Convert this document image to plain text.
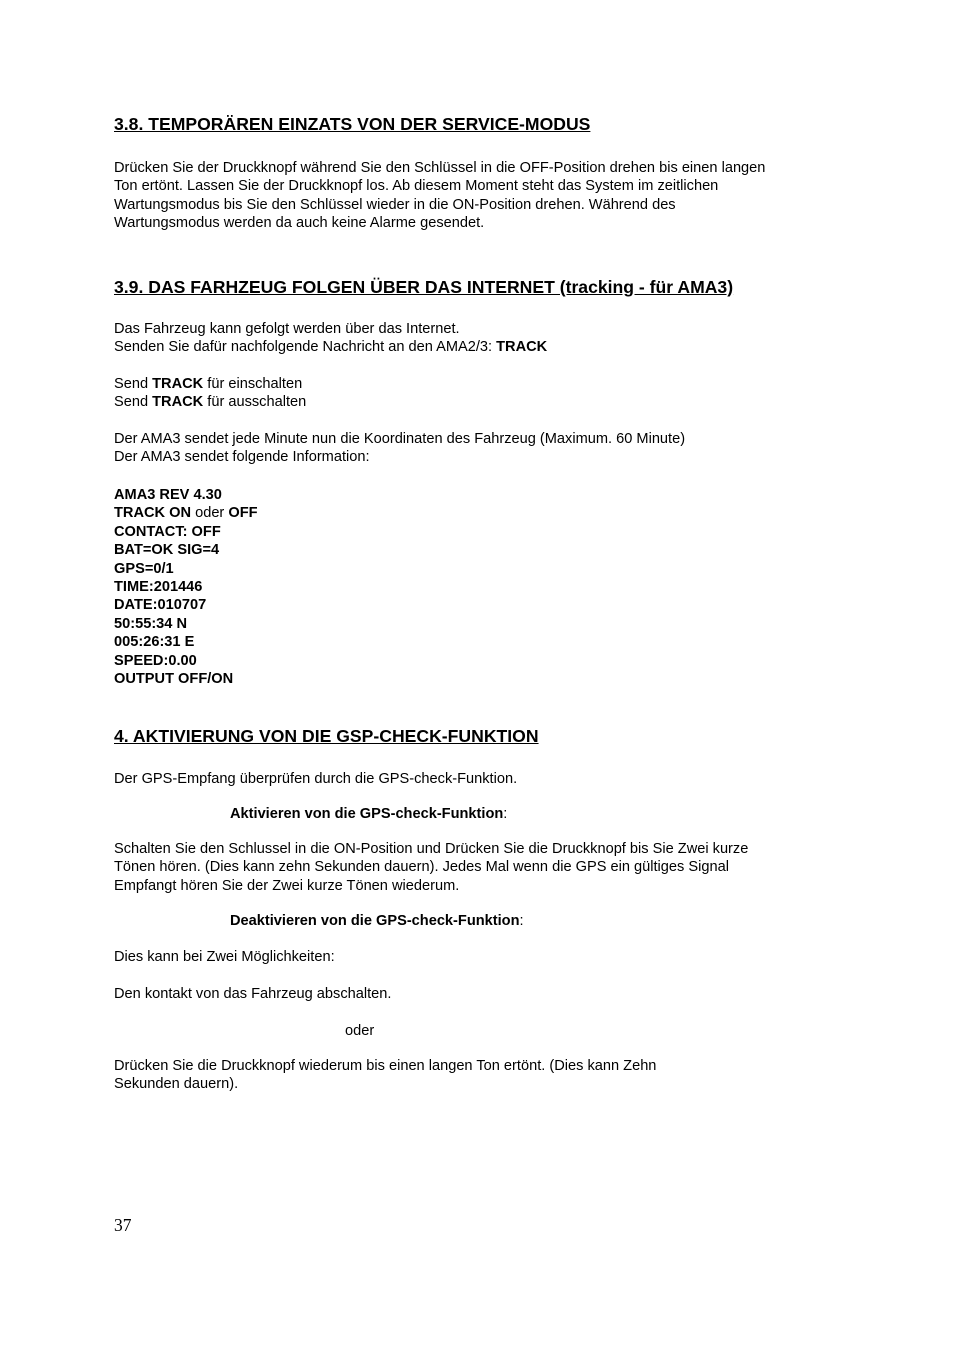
3.8. TEMPORÄREN EINZATS VON DER SERVICE-MODUS

Drücken Sie der Druckknopf während Sie den Schlüssel in die OFF-Position drehen bis einen langen

Ton ertönt. Lassen Sie der Druckknopf los. Ab diesem Moment steht das System im zeitlichen

Wartungsmodus bis Sie den Schlüssel wieder in die ON-Position drehen. Während des

Wartungsmodus werden da auch keine Alarme gesendet.

3.9. DAS FARHZEUG FOLGEN ÜBER DAS INTERNET (tracking - für AMA3)

Das Fahrzeug kann gefolgt werden über das Internet.

Senden Sie dafür nachfolgende Nachricht an den AMA2/3: TRACK

Send TRACK für einschalten

Send TRACK für ausschalten

Der AMA3 sendet jede Minute nun die Koordinaten des Fahrzeug (Maximum. 60 Minute)

Der AMA3 sendet folgende Information:

AMA3 REV 4.30

TRACK ON oder OFF

CONTACT: OFF

BAT=OK SIG=4

GPS=0/1

TIME:201446

DATE:010707

50:55:34 N

005:26:31 E

SPEED:0.00

OUTPUT OFF/ON

4. AKTIVIERUNG VON DIE GSP-CHECK-FUNKTION

Der GPS-Empfang überprüfen durch die GPS-check-Funktion.

Aktivieren von die GPS-check-Funktion:

Schalten Sie den Schlussel in die ON-Position und Drücken Sie die Druckknopf bis Sie Zwei kurze

Tönen hören. (Dies kann zehn Sekunden dauern). Jedes Mal wenn die GPS ein gültiges Signal

Empfangt hören Sie der Zwei kurze Tönen wiederum.

Deaktivieren von die GPS-check-Funktion:

Dies kann bei Zwei Möglichkeiten:

Den kontakt von das Fahrzeug abschalten.

oder

Drücken Sie die Druckknopf wiederum bis einen langen Ton ertönt. (Dies kann Zehn

Sekunden dauern).

37
